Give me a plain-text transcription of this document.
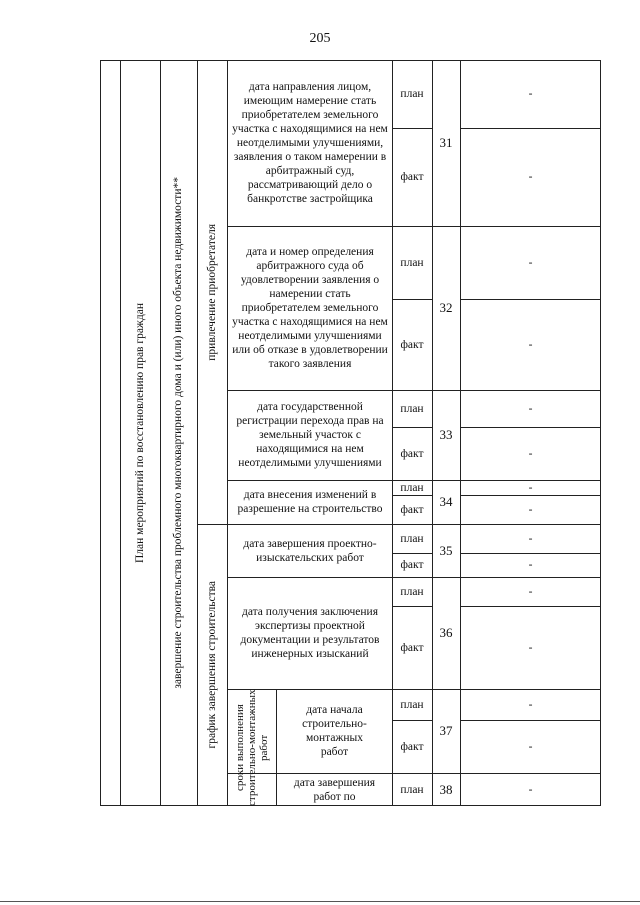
205
План мероприятий по восстановлению прав граждан завершение строительства проблемного многоквартирного дома и (или) иного объекта недвижимости** привлечение приобретателя
график завершения строительства сроки выполнения строительно-монтажных работ
дата направления лицом, имеющим намерение стать приобретателем земельного участка с находящимися на нем неотделимыми улучшениями, заявления о таком намерении в арбитражный суд, рассматривающий дело о банкротстве застройщика
план
факт
31
-
-
дата и номер определения арбитражного суда об удовлетворении заявления о намерении стать приобретателем земельного участка с находящимися на нем неотделимыми улучшениями или об отказе в удовлетворении такого заявления
план
факт
32
-
-
дата государственной регистрации перехода прав на земельный участок с находящимися на нем неотделимыми улучшениями
план
факт
33
-
-
дата внесения изменений в разрешение на строительство
план
факт
34
-
-
дата завершения проектно-изыскательских работ
план
факт
35
-
-
дата получения заключения экспертизы проектной документации и результатов инженерных изысканий
план
факт
36
-
-
дата начала строительно-монтажных работ
план
факт
37
-
-
дата завершения работ по
план	38	-
